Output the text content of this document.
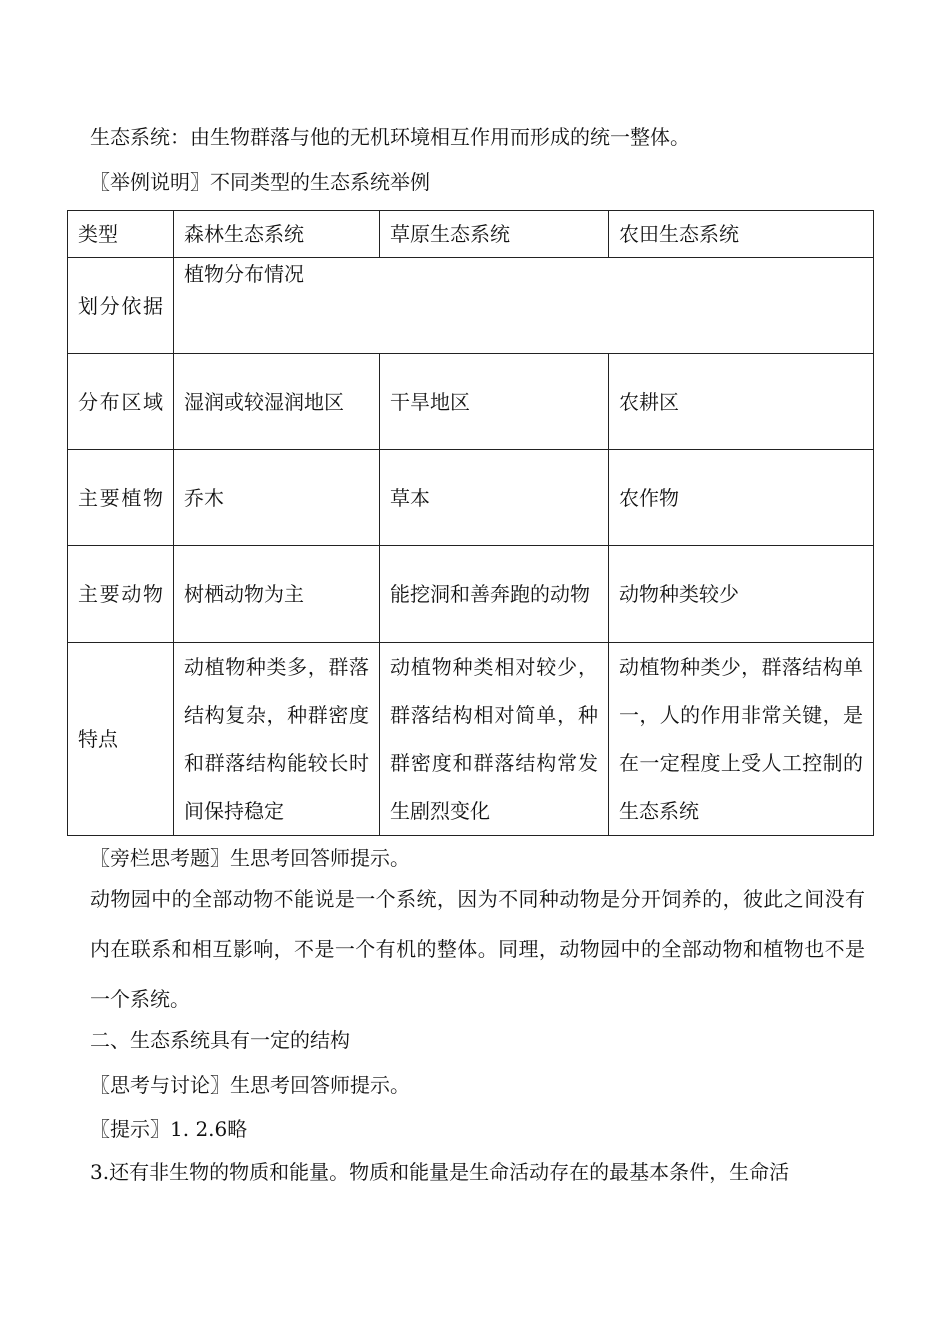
生态系统：由生物群落与他的无机环境相互作用而形成的统一整体。
〖举例说明〗不同类型的生态系统举例
类型	森林生态系统	草原生态系统	农田生态系统
划分依据	植物分布情况		
分布区域	湿润或较湿润地区	干旱地区	农耕区
主要植物	乔木	草本	农作物
主要动物	树栖动物为主	能挖洞和善奔跑的动物	动物种类较少
特点	动植物种类多，群落结构复杂，种群密度和群落结构能较长时间保持稳定	动植物种类相对较少，群落结构相对简单，种群密度和群落结构常发生剧烈变化	动植物种类少，群落结构单一，人的作用非常关键，是在一定程度上受人工控制的生态系统
〖旁栏思考题〗生思考回答师提示。
动物园中的全部动物不能说是一个系统，因为不同种动物是分开饲养的，彼此之间没有内在联系和相互影响，不是一个有机的整体。同理，动物园中的全部动物和植物也不是一个系统。
二、生态系统具有一定的结构
〖思考与讨论〗生思考回答师提示。
〖提示〗1. 2.6略
3.还有非生物的物质和能量。物质和能量是生命活动存在的最基本条件，生命活
